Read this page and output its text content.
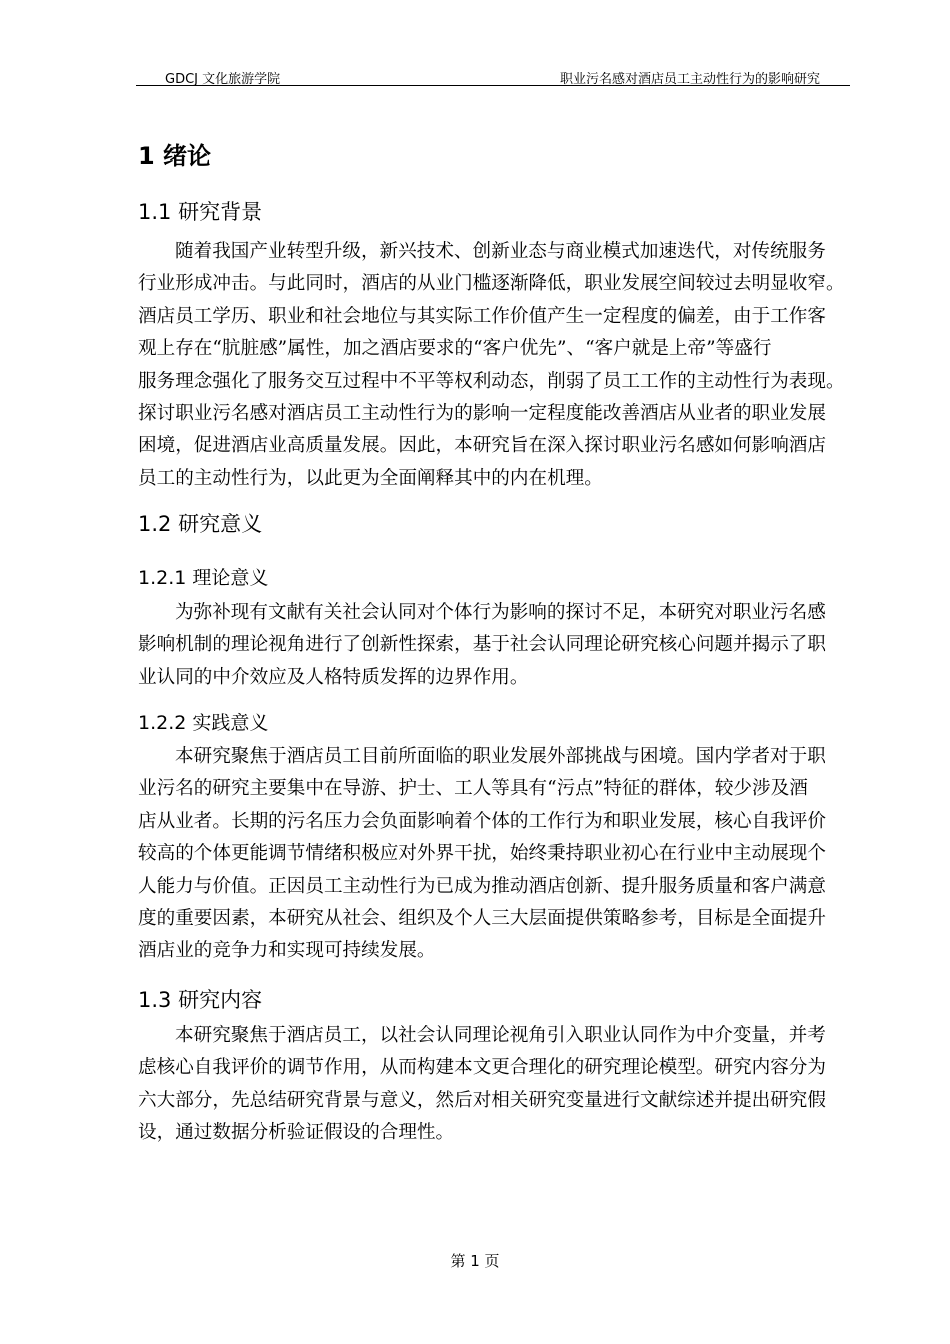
GDCJ 文化旅游学院	职业污名感对酒店员工主动性行为的影响研究
1 绪论
1.1 研究背景
随着我国产业转型升级，新兴技术、创新业态与商业模式加速迭代，对传统服务
行业形成冲击。与此同时，酒店的从业门槛逐渐降低，职业发展空间较过去明显收窄。
酒店员工学历、职业和社会地位与其实际工作价值产生一定程度的偏差，由于工作客
观上存在“肮脏感”属性，加之酒店要求的“客户优先”、“客户就是上帝”等盛行
服务理念强化了服务交互过程中不平等权利动态，削弱了员工工作的主动性行为表现。
探讨职业污名感对酒店员工主动性行为的影响一定程度能改善酒店从业者的职业发展
困境，促进酒店业高质量发展。因此，本研究旨在深入探讨职业污名感如何影响酒店
员工的主动性行为，以此更为全面阐释其中的内在机理。
1.2 研究意义
1.2.1 理论意义
为弥补现有文献有关社会认同对个体行为影响的探讨不足，本研究对职业污名感
影响机制的理论视角进行了创新性探索，基于社会认同理论研究核心问题并揭示了职
业认同的中介效应及人格特质发挥的边界作用。
1.2.2 实践意义
本研究聚焦于酒店员工目前所面临的职业发展外部挑战与困境。国内学者对于职
业污名的研究主要集中在导游、护士、工人等具有“污点”特征的群体，较少涉及酒
店从业者。长期的污名压力会负面影响着个体的工作行为和职业发展，核心自我评价
较高的个体更能调节情绪积极应对外界干扰，始终秉持职业初心在行业中主动展现个
人能力与价值。正因员工主动性行为已成为推动酒店创新、提升服务质量和客户满意
度的重要因素，本研究从社会、组织及个人三大层面提供策略参考，目标是全面提升
酒店业的竞争力和实现可持续发展。
1.3 研究内容
本研究聚焦于酒店员工，以社会认同理论视角引入职业认同作为中介变量，并考
虑核心自我评价的调节作用，从而构建本文更合理化的研究理论模型。研究内容分为
六大部分，先总结研究背景与意义，然后对相关研究变量进行文献综述并提出研究假
设，通过数据分析验证假设的合理性。
第 1 页
